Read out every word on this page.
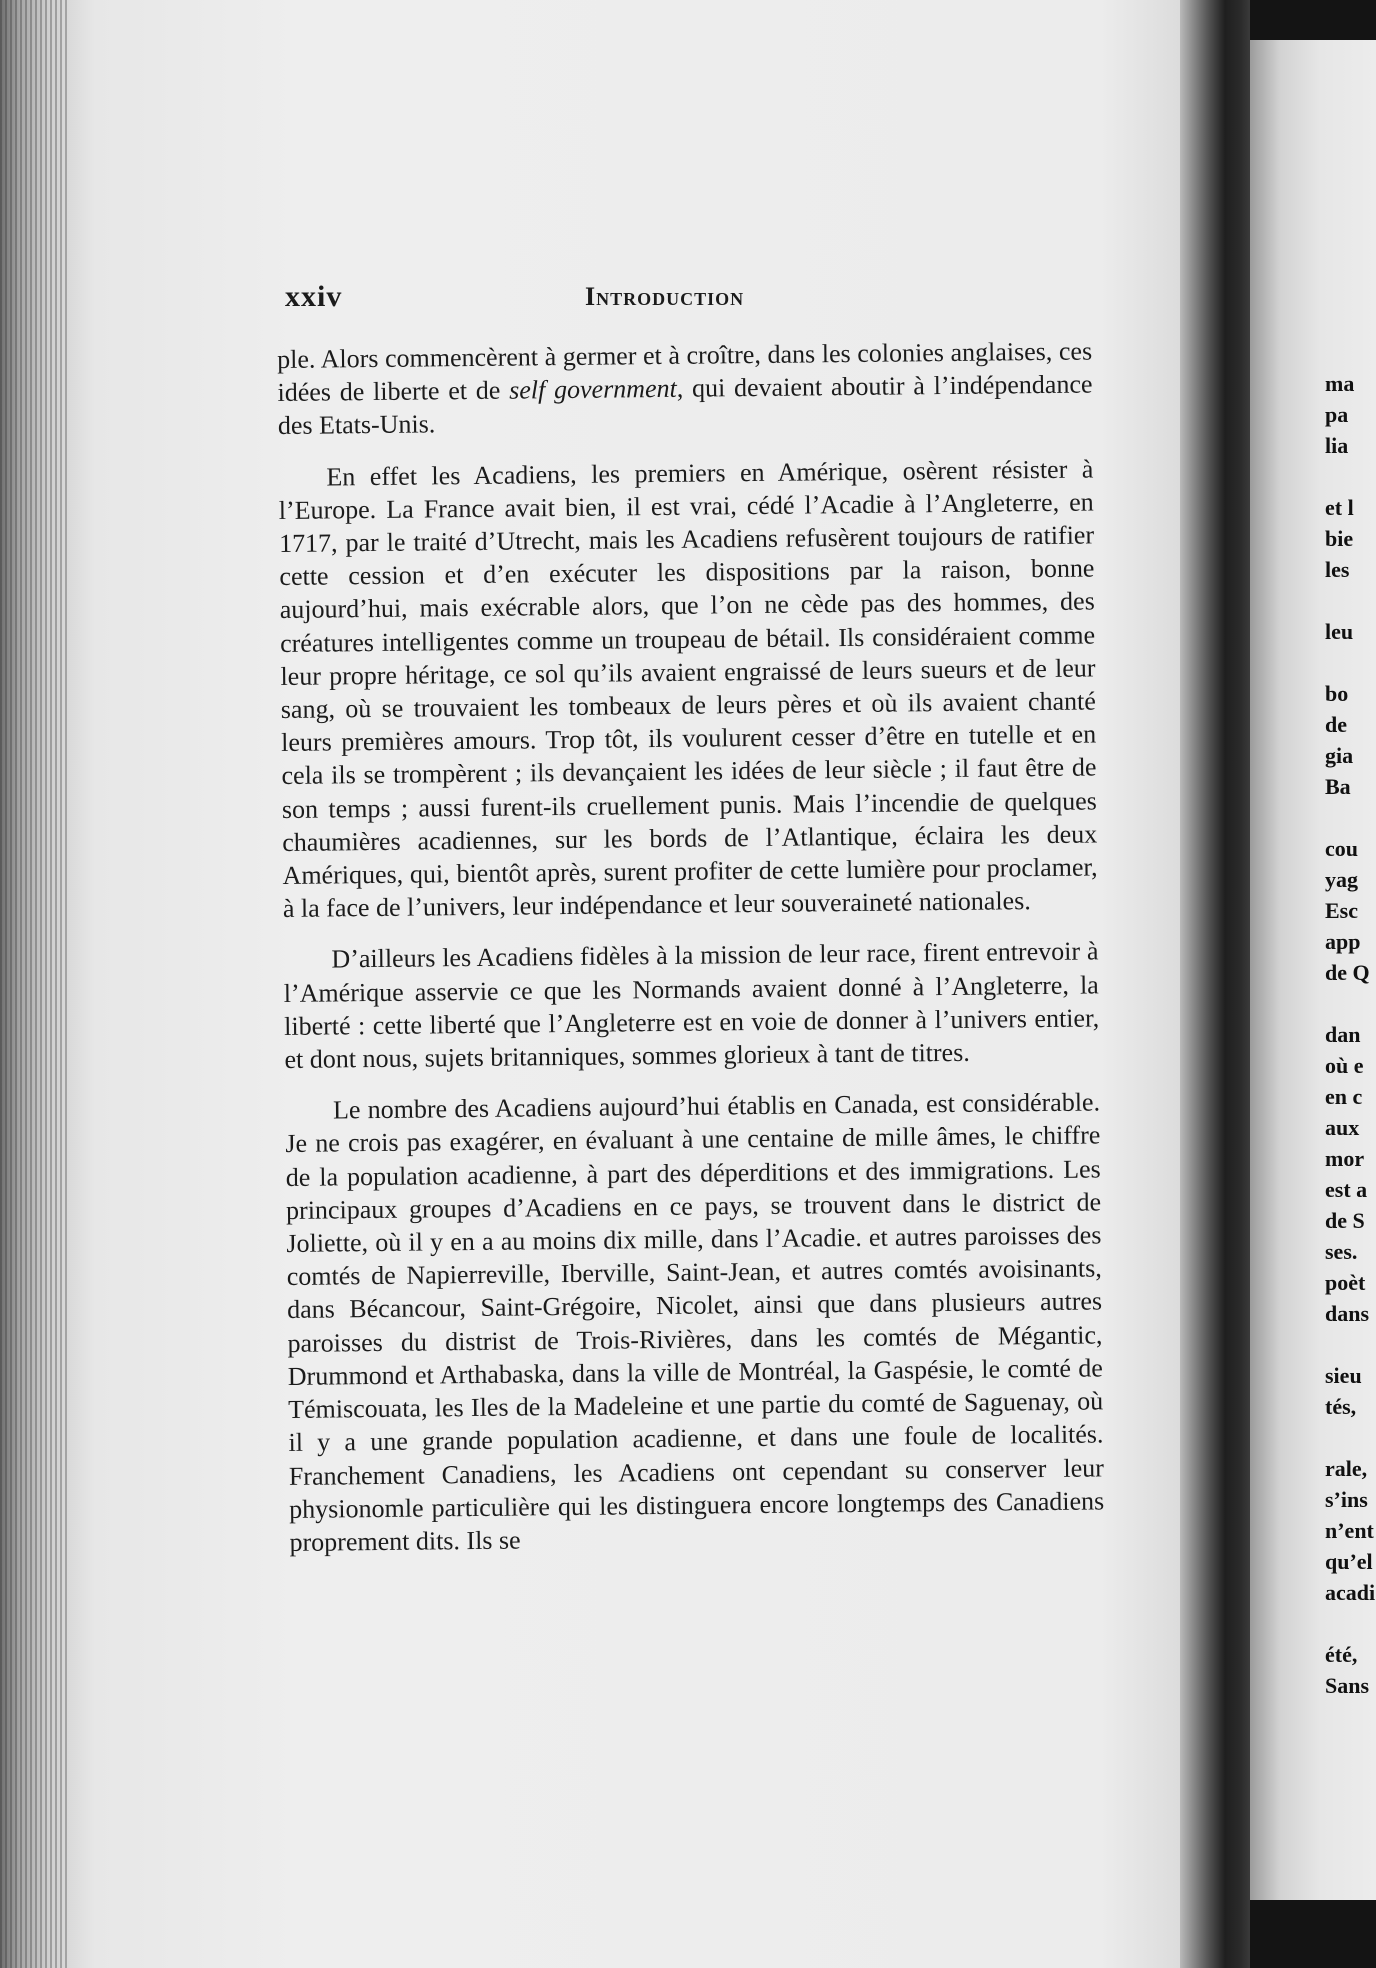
xxiv	Introduction

ple. Alors commencèrent à germer et à croître, dans les colonies anglaises, ces idées de liberte et de self government, qui devaient aboutir à l’indépendance des Etats-Unis.

En effet les Acadiens, les premiers en Amérique, osèrent résister à l’Europe. La France avait bien, il est vrai, cédé l’Acadie à l’Angleterre, en 1717, par le traité d’Utrecht, mais les Acadiens refusèrent toujours de ratifier cette cession et d’en exécuter les dispositions par la raison, bonne aujourd’hui, mais exécrable alors, que l’on ne cède pas des hommes, des créatures intelligentes comme un troupeau de bétail. Ils considéraient comme leur propre héritage, ce sol qu’ils avaient engraissé de leurs sueurs et de leur sang, où se trouvaient les tombeaux de leurs pères et où ils avaient chanté leurs premières amours. Trop tôt, ils voulurent cesser d’être en tutelle et en cela ils se trompèrent ; ils devançaient les idées de leur siècle ; il faut être de son temps ; aussi furent-ils cruellement punis. Mais l’incendie de quelques chaumières acadiennes, sur les bords de l’Atlantique, éclaira les deux Amériques, qui, bientôt après, surent profiter de cette lumière pour proclamer, à la face de l’univers, leur indépendance et leur souveraineté nationales.

D’ailleurs les Acadiens fidèles à la mission de leur race, firent entrevoir à l’Amérique asservie ce que les Normands avaient donné à l’Angleterre, la liberté : cette liberté que l’Angleterre est en voie de donner à l’univers entier, et dont nous, sujets britanniques, sommes glorieux à tant de titres.

Le nombre des Acadiens aujourd’hui établis en Canada, est considérable. Je ne crois pas exagérer, en évaluant à une centaine de mille âmes, le chiffre de la population acadienne, à part des déperditions et des immigrations. Les principaux groupes d’Acadiens en ce pays, se trouvent dans le district de Joliette, où il y en a au moins dix mille, dans l’Acadie. et autres paroisses des comtés de Napierreville, Iberville, Saint-Jean, et autres comtés avoisinants, dans Bécancour, Saint-Grégoire, Nicolet, ainsi que dans plusieurs autres paroisses du distrist de Trois-Rivières, dans les comtés de Mégantic, Drummond et Arthabaska, dans la ville de Montréal, la Gaspésie, le comté de Témiscouata, les Iles de la Madeleine et une partie du comté de Saguenay, où il y a une grande population acadienne, et dans une foule de localités. Franchement Canadiens, les Acadiens ont cependant su conserver leur physionomle particulière qui les distinguera encore longtemps des Canadiens proprement dits. Ils se

ma
pa
lia
et l
bie
les
leu
bo
de
gia
Ba
cou
yag
Esc
app
de Q
dan
où e
en c
aux
mor
est a
de S
ses.
poèt
dans
sieu
tés,
rale,
s’ins
n’ent
qu’el
acadi
été,
Sans
